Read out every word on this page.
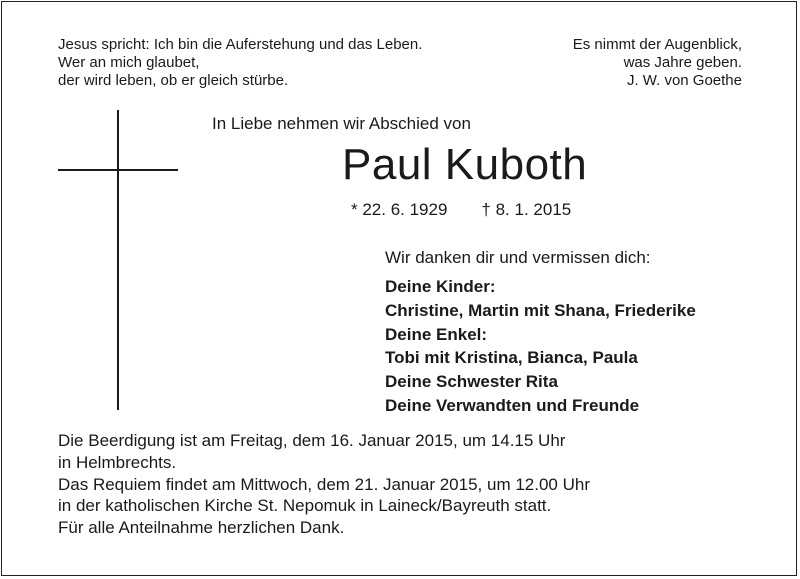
Jesus spricht: Ich bin die Auferstehung und das Leben.
Wer an mich glaubet,
der wird leben, ob er gleich stürbe.
Es nimmt der Augenblick,
was Jahre geben.
J. W. von Goethe
In Liebe nehmen wir Abschied von
Paul Kuboth
* 22. 6. 1929 † 8. 1. 2015
Wir danken dir und vermissen dich:
Deine Kinder:
Christine, Martin mit Shana, Friederike
Deine Enkel:
Tobi mit Kristina, Bianca, Paula
Deine Schwester Rita
Deine Verwandten und Freunde
Die Beerdigung ist am Freitag, dem 16. Januar 2015, um 14.15 Uhr
in Helmbrechts.
Das Requiem findet am Mittwoch, dem 21. Januar 2015, um 12.00 Uhr
in der katholischen Kirche St. Nepomuk in Laineck/Bayreuth statt.
Für alle Anteilnahme herzlichen Dank.
